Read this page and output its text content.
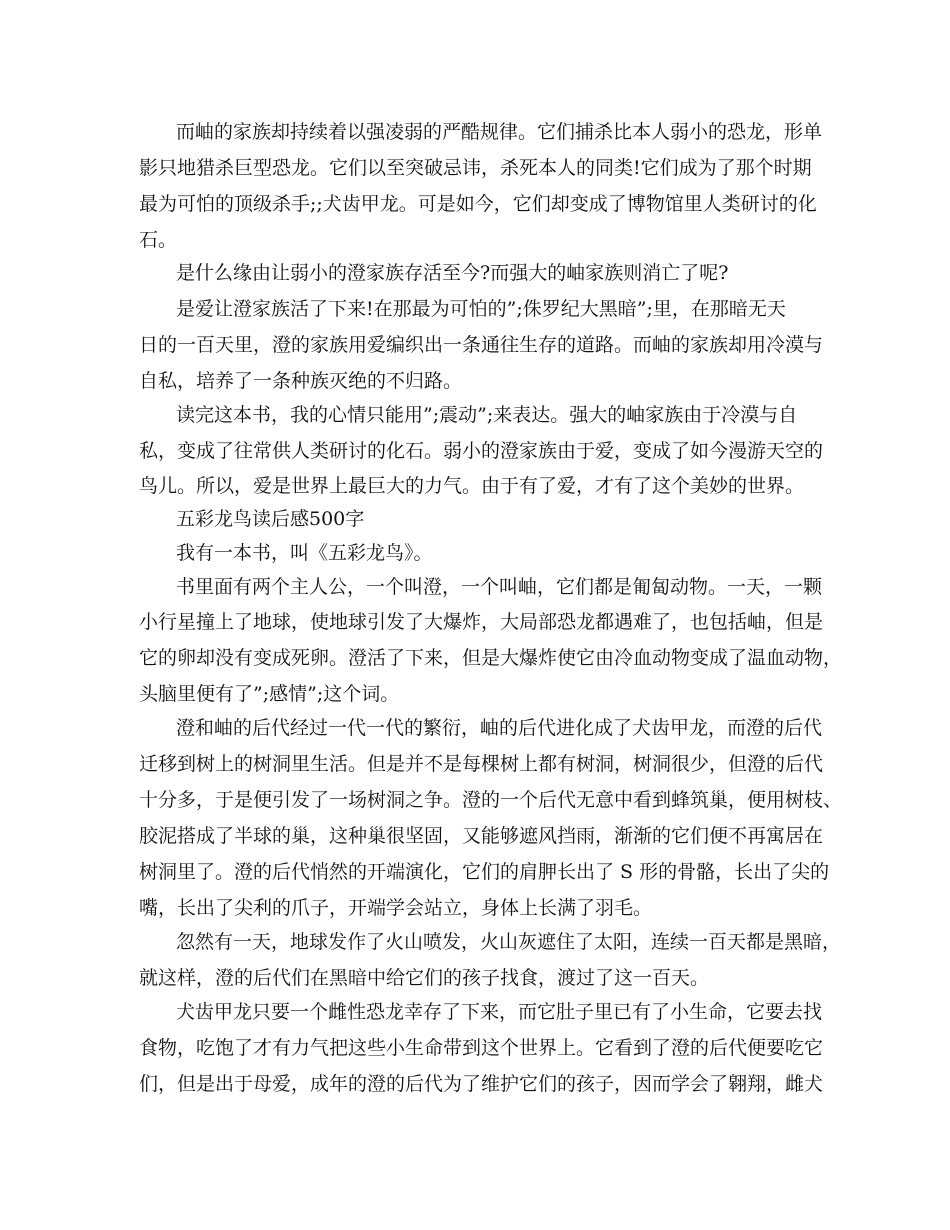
而岫的家族却持续着以强凌弱的严酷规律。它们捕杀比本人弱小的恐龙，形单

影只地猎杀巨型恐龙。它们以至突破忌讳，杀死本人的同类!它们成为了那个时期

最为可怕的顶级杀手;;犬齿甲龙。可是如今，它们却变成了博物馆里人类研讨的化

石。

是什么缘由让弱小的澄家族存活至今?而强大的岫家族则消亡了呢?

是爱让澄家族活了下来!在那最为可怕的”;侏罗纪大黑暗”;里，在那暗无天

日的一百天里，澄的家族用爱编织出一条通往生存的道路。而岫的家族却用冷漠与

自私，培养了一条种族灭绝的不归路。

读完这本书，我的心情只能用”;震动”;来表达。强大的岫家族由于冷漠与自

私，变成了往常供人类研讨的化石。弱小的澄家族由于爱，变成了如今漫游天空的

鸟儿。所以，爱是世界上最巨大的力气。由于有了爱，才有了这个美妙的世界。

五彩龙鸟读后感500字

我有一本书，叫《五彩龙鸟》。

书里面有两个主人公，一个叫澄，一个叫岫，它们都是匍匐动物。一天，一颗

小行星撞上了地球，使地球引发了大爆炸，大局部恐龙都遇难了，也包括岫，但是

它的卵却没有变成死卵。澄活了下来，但是大爆炸使它由冷血动物变成了温血动物，

头脑里便有了”;感情”;这个词。

澄和岫的后代经过一代一代的繁衍，岫的后代进化成了犬齿甲龙，而澄的后代

迁移到树上的树洞里生活。但是并不是每棵树上都有树洞，树洞很少，但澄的后代

十分多，于是便引发了一场树洞之争。澄的一个后代无意中看到蜂筑巢，便用树枝、

胶泥搭成了半球的巢，这种巢很坚固，又能够遮风挡雨，渐渐的它们便不再寓居在

树洞里了。澄的后代悄然的开端演化，它们的肩胛长出了 S 形的骨骼，长出了尖的

嘴，长出了尖利的爪子，开端学会站立，身体上长满了羽毛。

忽然有一天，地球发作了火山喷发，火山灰遮住了太阳，连续一百天都是黑暗，

就这样，澄的后代们在黑暗中给它们的孩子找食，渡过了这一百天。

犬齿甲龙只要一个雌性恐龙幸存了下来，而它肚子里已有了小生命，它要去找

食物，吃饱了才有力气把这些小生命带到这个世界上。它看到了澄的后代便要吃它

们，但是出于母爱，成年的澄的后代为了维护它们的孩子，因而学会了翱翔，雌犬
